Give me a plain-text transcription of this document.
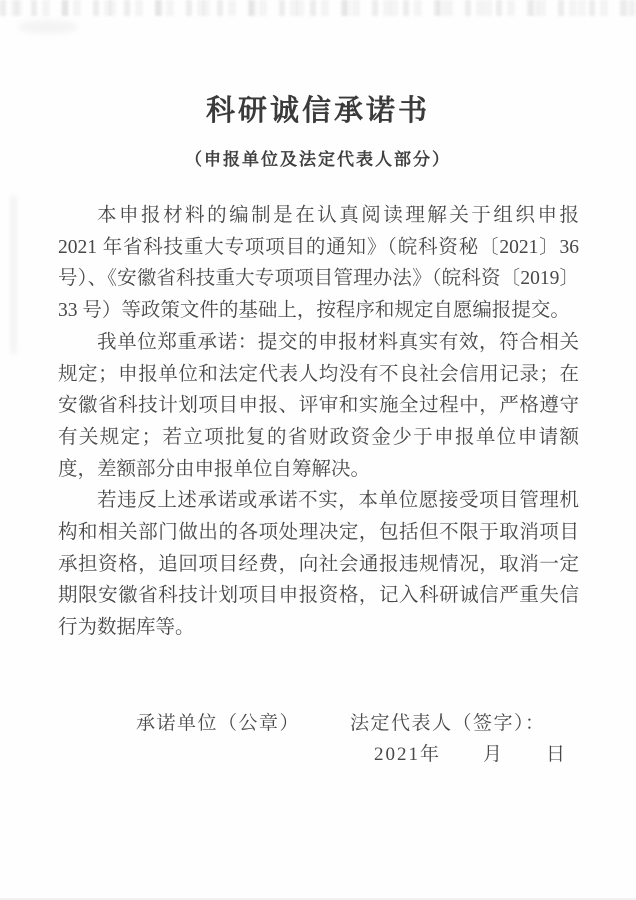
科研诚信承诺书
（申报单位及法定代表人部分）
本申报材料的编制是在认真阅读理解关于组织申报
2021 年省科技重大专项项目的通知》（皖科资秘〔2021〕36
号）、《安徽省科技重大专项项目管理办法》（皖科资〔2019〕
33 号）等政策文件的基础上，按程序和规定自愿编报提交。
我单位郑重承诺：提交的申报材料真实有效，符合相关
规定；申报单位和法定代表人均没有不良社会信用记录；在
安徽省科技计划项目申报、评审和实施全过程中，严格遵守
有关规定；若立项批复的省财政资金少于申报单位申请额
度，差额部分由申报单位自筹解决。
若违反上述承诺或承诺不实，本单位愿接受项目管理机
构和相关部门做出的各项处理决定，包括但不限于取消项目
承担资格，追回项目经费，向社会通报违规情况，取消一定
期限安徽省科技计划项目申报资格，记入科研诚信严重失信
行为数据库等。
承诺单位（公章）	法定代表人（签字）：
2021年　　月　　日
